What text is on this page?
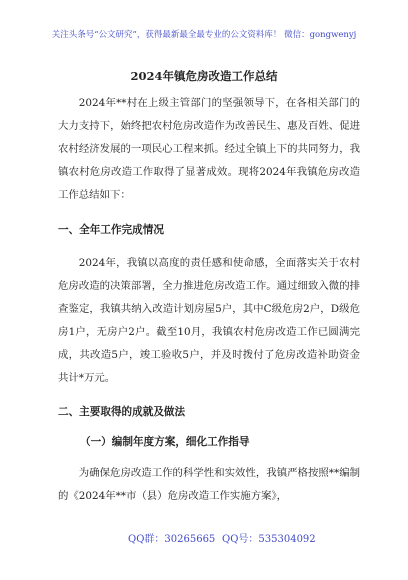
关注头条号“公文研究”，获得最新最全最专业的公文资料库！ 微信：gongwenyj
2024年镇危房改造工作总结

2024年**村在上级主管部门的坚强领导下，在各相关部门的大力支持下，始终把农村危房改造作为改善民生、惠及百姓、促进农村经济发展的一项民心工程来抓。经过全镇上下的共同努力，我镇农村危房改造工作取得了显著成效。现将2024年我镇危房改造工作总结如下：

一、全年工作完成情况

2024年，我镇以高度的责任感和使命感，全面落实关于农村危房改造的决策部署，全力推进危房改造工作。通过细致入微的排查鉴定，我镇共纳入改造计划房屋5户，其中C级危房2户，D级危房1户，无房户2户。截至10月，我镇农村危房改造工作已圆满完成，共改造5户，竣工验收5户，并及时拨付了危房改造补助资金共计*万元。

二、主要取得的成就及做法
（一）编制年度方案，细化工作指导

为确保危房改造工作的科学性和实效性，我镇严格按照**编制的《2024年**市（县）危房改造工作实施方案》，

QQ群：30265665 QQ号：535304092
